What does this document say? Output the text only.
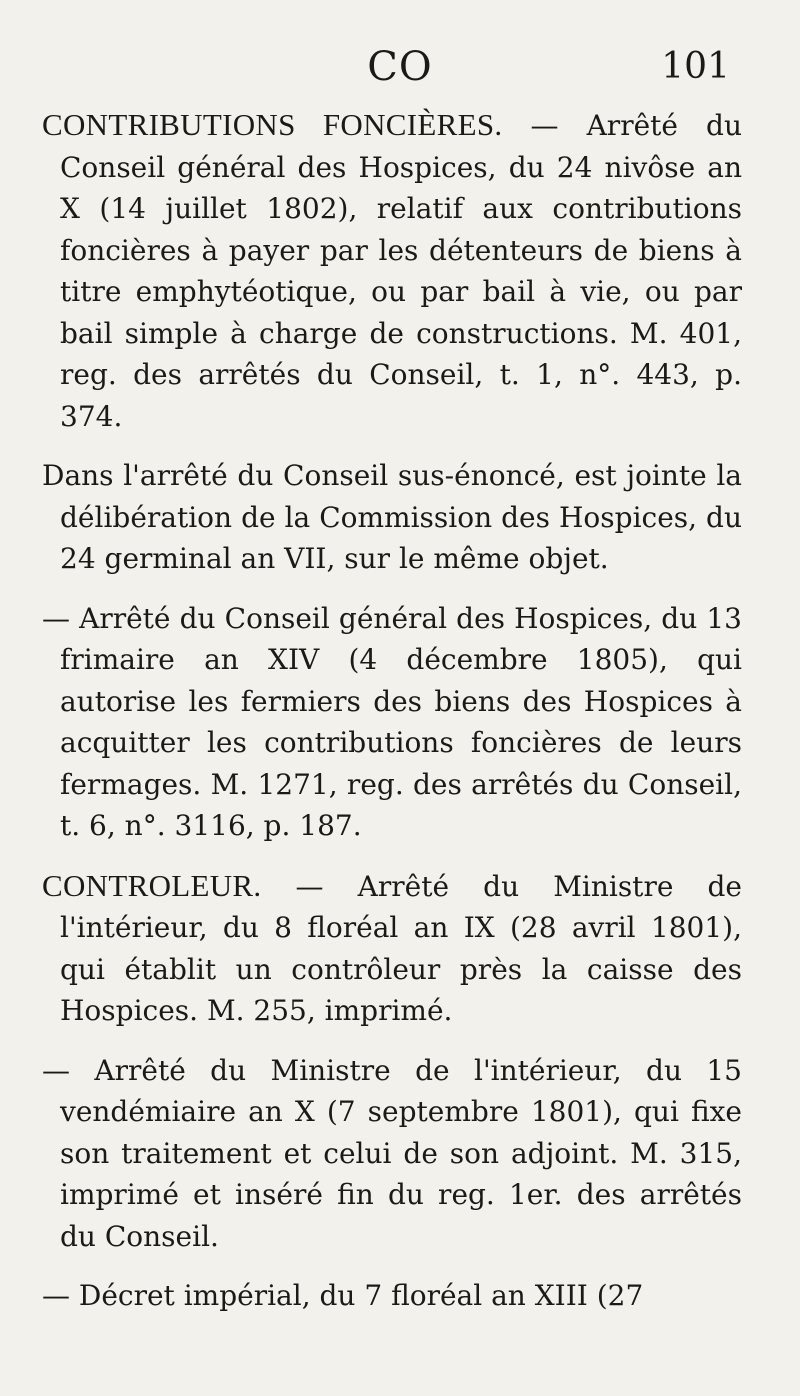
CO	101

CONTRIBUTIONS FONCIÈRES. — Arrêté du Conseil général des Hospices, du 24 nivôse an X (14 juillet 1802), relatif aux contributions foncières à payer par les détenteurs de biens à titre emphytéotique, ou par bail à vie, ou par bail simple à charge de constructions. M. 401, reg. des arrêtés du Conseil, t. 1, n°. 443, p. 374.

Dans l'arrêté du Conseil sus-énoncé, est jointe la délibération de la Commission des Hospices, du 24 germinal an VII, sur le même objet.

— Arrêté du Conseil général des Hospices, du 13 frimaire an XIV (4 décembre 1805), qui autorise les fermiers des biens des Hospices à acquitter les contributions foncières de leurs fermages. M. 1271, reg. des arrêtés du Conseil, t. 6, n°. 3116, p. 187.

CONTROLEUR. — Arrêté du Ministre de l'intérieur, du 8 floréal an IX (28 avril 1801), qui établit un contrôleur près la caisse des Hospices. M. 255, imprimé.

— Arrêté du Ministre de l'intérieur, du 15 vendémiaire an X (7 septembre 1801), qui fixe son traitement et celui de son adjoint. M. 315, imprimé et inséré fin du reg. 1er. des arrêtés du Conseil.

— Décret impérial, du 7 floréal an XIII (27
